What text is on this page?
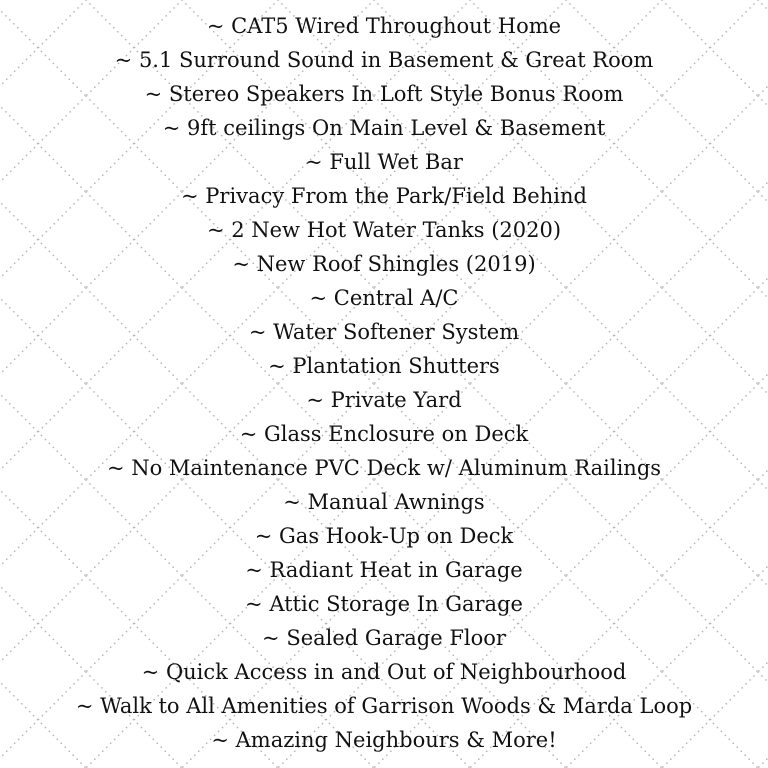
~ CAT5 Wired Throughout Home
~ 5.1 Surround Sound in Basement & Great Room
~ Stereo Speakers In Loft Style Bonus Room
~ 9ft ceilings On Main Level & Basement
~ Full Wet Bar
~ Privacy From the Park/Field Behind
~ 2 New Hot Water Tanks (2020)
~ New Roof Shingles (2019)
~ Central A/C
~ Water Softener System
~ Plantation Shutters
~ Private Yard
~ Glass Enclosure on Deck
~ No Maintenance PVC Deck w/ Aluminum Railings
~ Manual Awnings
~ Gas Hook-Up on Deck
~ Radiant Heat in Garage
~ Attic Storage In Garage
~ Sealed Garage Floor
~ Quick Access in and Out of Neighbourhood
~ Walk to All Amenities of Garrison Woods & Marda Loop
~ Amazing Neighbours & More!
